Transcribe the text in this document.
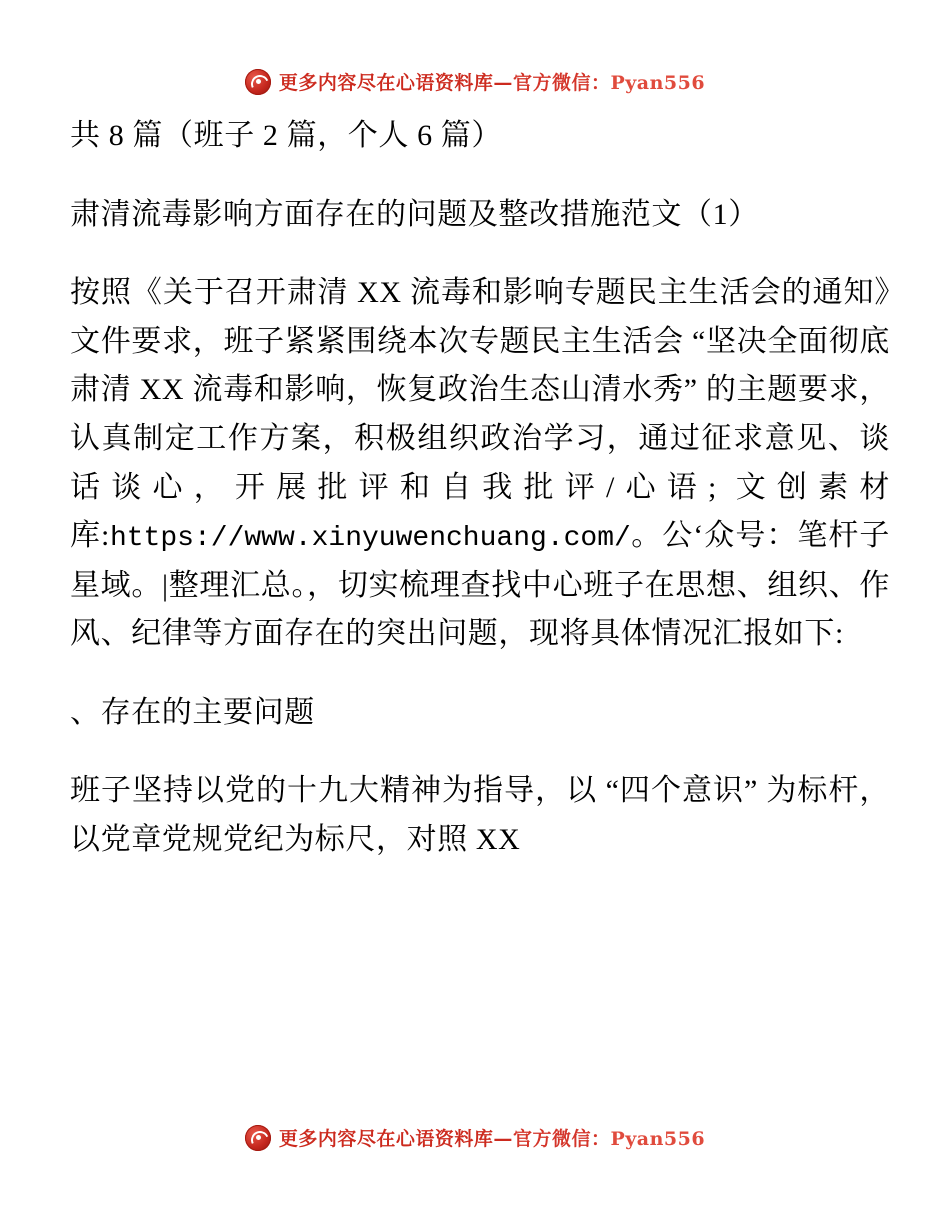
更多内容尽在心语资料库—官方微信：Pyan556

共 8 篇（班子 2 篇，个人 6 篇）

肃清流毒影响方面存在的问题及整改措施范文（1）

按照《关于召开肃清 XX 流毒和影响专题民主生活会的通知》文件要求，班子紧紧围绕本次专题民主生活会 “坚决全面彻底肃清 XX 流毒和影响，恢复政治生态山清水秀” 的主题要求，认真制定工作方案，积极组织政治学习，通过征求意见、谈话谈心，开展批评和自我批评/心语; 文创素材库:https://www.xinyuwenchuang.com/。公‘众号：笔杆子星域。|整理汇总。，切实梳理查找中心班子在思想、组织、作风、纪律等方面存在的突出问题，现将具体情况汇报如下:

、存在的主要问题

班子坚持以党的十九大精神为指导，以 “四个意识” 为标杆，以党章党规党纪为标尺，对照 XX

更多内容尽在心语资料库—官方微信：Pyan556
